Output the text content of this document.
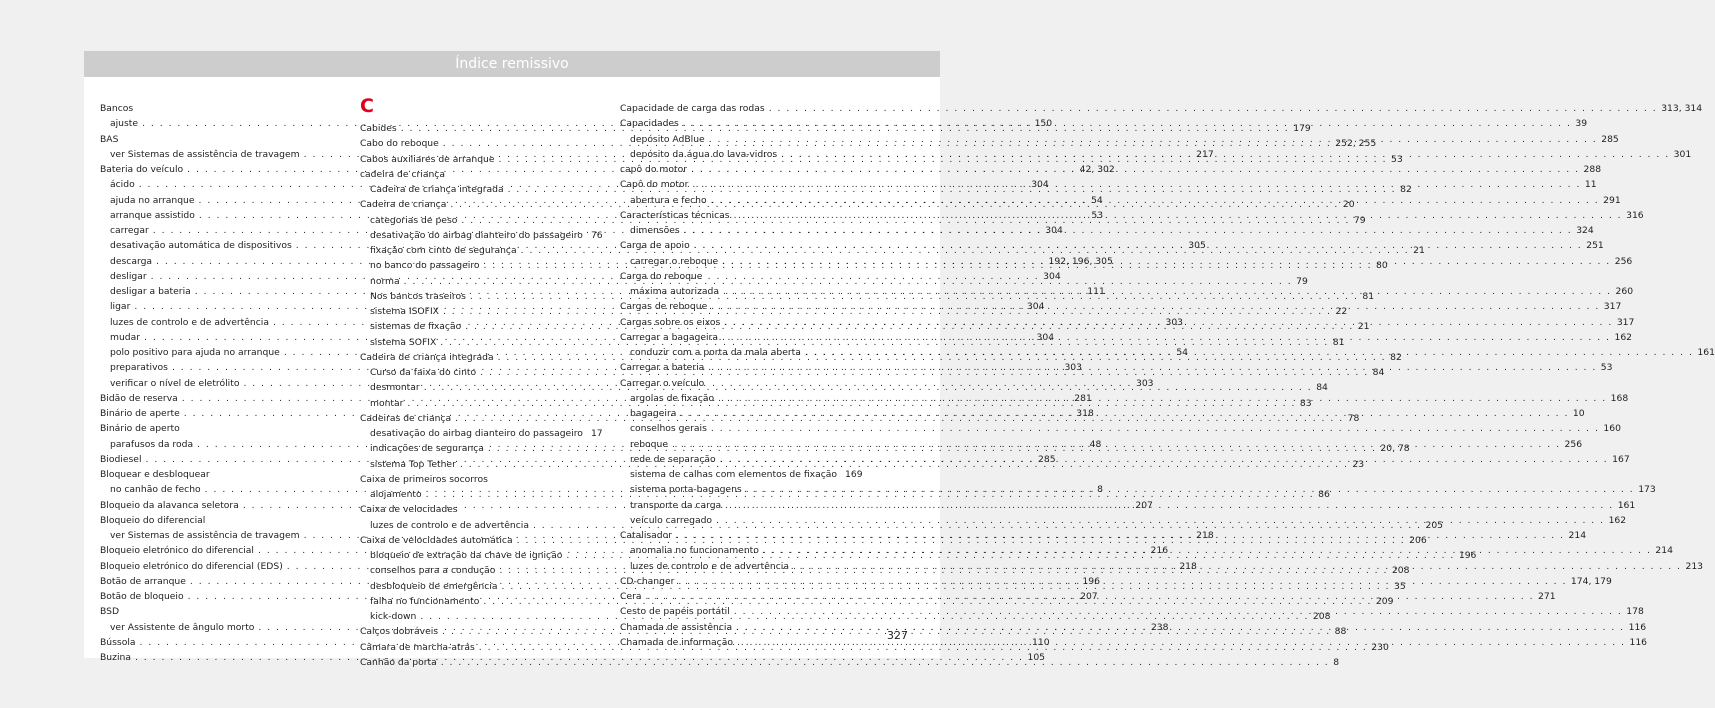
Índice remissivo
Bancos
ajuste . . .	150
BAS
ver Sistemas de assistência de travagem . . .	217
Bateria do veículo . . .	42, 302
ácido . . .	304
ajuda no arranque . . .	54
arranque assistido . . .	53
carregar . . .	304
desativação automática de dispositivos . . .	305
descarga . . .	192, 196, 305
desligar . . .	304
desligar a bateria . . .	111
ligar . . .	304
luzes de controlo e de advertência . . .	303
mudar . . .	304
polo positivo para ajuda no arranque . . .	54
preparativos . . .	303
verificar o nível de eletrólito . . .	303
Bidão de reserva . . .	281
Binário de aperte . . .	318
Binário de aperto
parafusos da roda . . .	48
Biodiesel . . .	285
Bloquear e desbloquear
no canhão de fecho . . .	8
Bloqueio da alavanca seletora . . .	207
Bloqueio do diferencial
ver Sistemas de assistência de travagem . . .	218
Bloqueio eletrónico do diferencial . . .	216
Bloqueio eletrónico do diferencial (EDS) . . .	218
Botão de arranque . . .	196
Botão de bloqueio . . .	207
BSD
ver Assistente de ângulo morto . . .	238
Bússola . . .	110
Buzina . . .	105
C
Cabides . . .	179
Cabo do reboque . . .	252, 255
Cabos auxiliares de arranque . . .	53
cadeira de criança
Cadeira de criança integrada . . .	82
Cadeira de criança . . .	20
categorias de peso . . .	79
desativação do airbag dianteiro do passageiro 76
fixação com cinto de segurança . . .	21
no banco do passageiro . . .	80
norma . . .	79
Nos bancos traseiros . . .	81
sistema ISOFIX . . .	22
sistemas de fixação . . .	21
sistema SOFIX . . .	81
Cadeira de criança integrada . . .	82
Curso da faixa do cinto . . .	84
desmontar . . .	84
montar . . .	83
Cadeiras de criança . . .	78
desativação do airbag dianteiro do passageiro 17
indicações de segurança . . .	20, 78
sistema Top Tether . . .	23
Caixa de primeiros socorros
alojamento . . .	86
Caixa de velocidades
luzes de controlo e de advertência . . .	205
Caixa de velocidades automática . . .	206
bloqueio de extração da chave de ignição . . .	196
conselhos para a condução . . .	208
desbloqueio de emergência . . .	35
falha no funcionamento . . .	209
kick-down . . .	208
Calços dobráveis . . .	88
Câmara de marcha-atrás . . .	230
Canhão da porta . . .	8
Capacidade de carga das rodas . . .	313, 314
Capacidades . . .	39
depósito AdBlue . . .	285
depósito da água do lava-vidros . . .	301
capô do motor . . .	288
Capô do motor . . .	11
abertura e fecho . . .	291
Características técnicas . . .	316
dimensões . . .	324
Carga de apoio . . .	251
carregar o reboque . . .	256
Carga do reboque
máxima autorizada . . .	260
Cargas de reboque . . .	317
Cargas sobre os eixos . . .	317
Carregar a bagageira . . .	162
conduzir com a porta da mala aberta . . .	161
Carregar a bateria . . .	53
Carregar o veículo
argolas de fixação . . .	168
bagageira . . .	10
conselhos gerais . . .	160
reboque . . .	256
rede de separação . . .	167
sistema de calhas com elementos de fixação 169
sistema porta-bagagens . . .	173
transporte da carga . . .	161
veículo carregado . . .	162
Catalisador . . .	214
anomalia no funcionamento . . .	214
luzes de controlo e de advertência . . .	213
CD-changer . . .	174, 179
Cera . . .	271
Cesto de papéis portátil . . .	178
Chamada de assistência . . .	116
Chamada de informação . . .	116
327
